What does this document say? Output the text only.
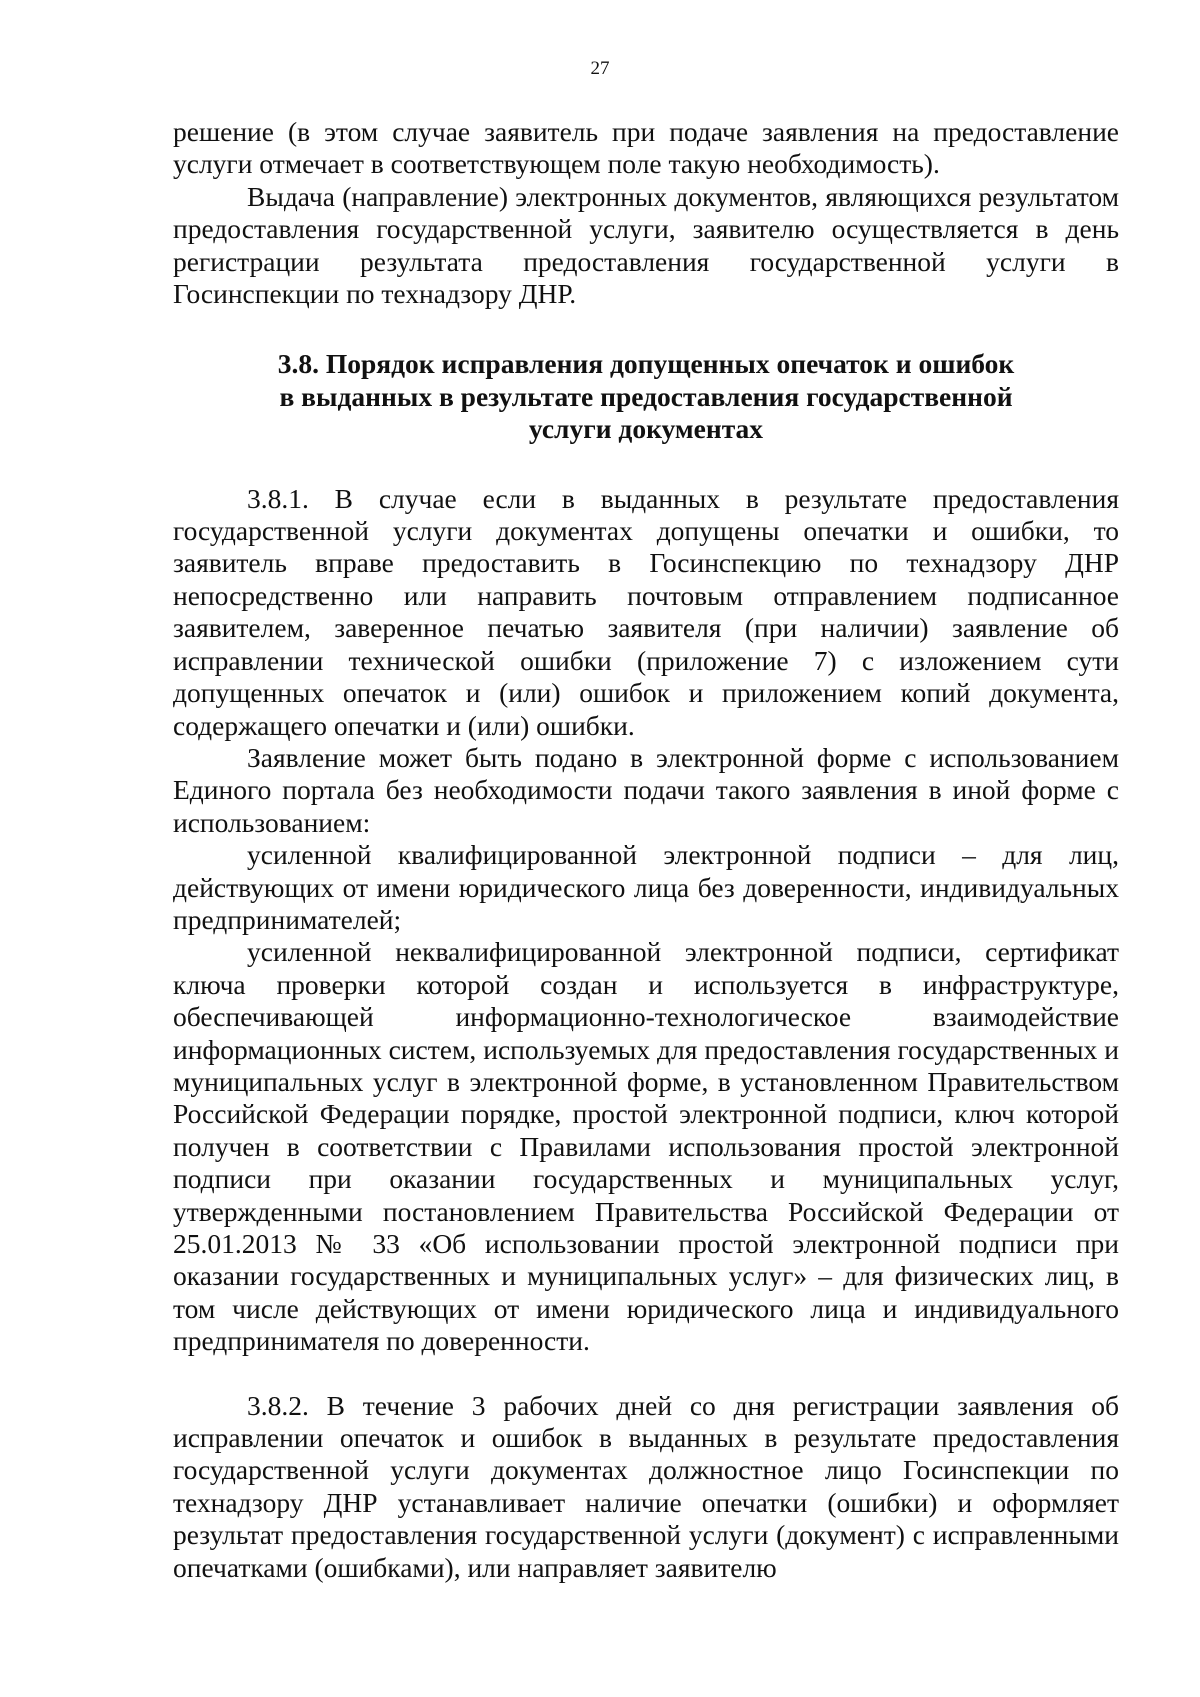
27

решение (в этом случае заявитель при подаче заявления на предоставление услуги отмечает в соответствующем поле такую необходимость).

Выдача (направление) электронных документов, являющихся результатом предоставления государственной услуги, заявителю осуществляется в день регистрации результата предоставления государственной услуги в Госинспекции по технадзору ДНР.

3.8. Порядок исправления допущенных опечаток и ошибок
в выданных в результате предоставления государственной
услуги документах

3.8.1. В случае если в выданных в результате предоставления государственной услуги документах допущены опечатки и ошибки, то заявитель вправе предоставить в Госинспекцию по технадзору ДНР непосредственно или направить почтовым отправлением подписанное заявителем, заверенное печатью заявителя (при наличии) заявление об исправлении технической ошибки (приложение 7) с изложением сути допущенных опечаток и (или) ошибок и приложением копий документа, содержащего опечатки и (или) ошибки.

Заявление может быть подано в электронной форме с использованием Единого портала без необходимости подачи такого заявления в иной форме с использованием:

усиленной квалифицированной электронной подписи – для лиц, действующих от имени юридического лица без доверенности, индивидуальных предпринимателей;

усиленной неквалифицированной электронной подписи, сертификат ключа проверки которой создан и используется в инфраструктуре, обеспечивающей информационно-технологическое взаимодействие информационных систем, используемых для предоставления государственных и муниципальных услуг в электронной форме, в установленном Правительством Российской Федерации порядке, простой электронной подписи, ключ которой получен в соответствии с Правилами использования простой электронной подписи при оказании государственных и муниципальных услуг, утвержденными постановлением Правительства Российской Федерации от 25.01.2013 № 33 «Об использовании простой электронной подписи при оказании государственных и муниципальных услуг» – для физических лиц, в том числе действующих от имени юридического лица и индивидуального предпринимателя по доверенности.

3.8.2. В течение 3 рабочих дней со дня регистрации заявления об исправлении опечаток и ошибок в выданных в результате предоставления государственной услуги документах должностное лицо Госинспекции по технадзору ДНР устанавливает наличие опечатки (ошибки) и оформляет результат предоставления государственной услуги (документ) с исправленными опечатками (ошибками), или направляет заявителю
